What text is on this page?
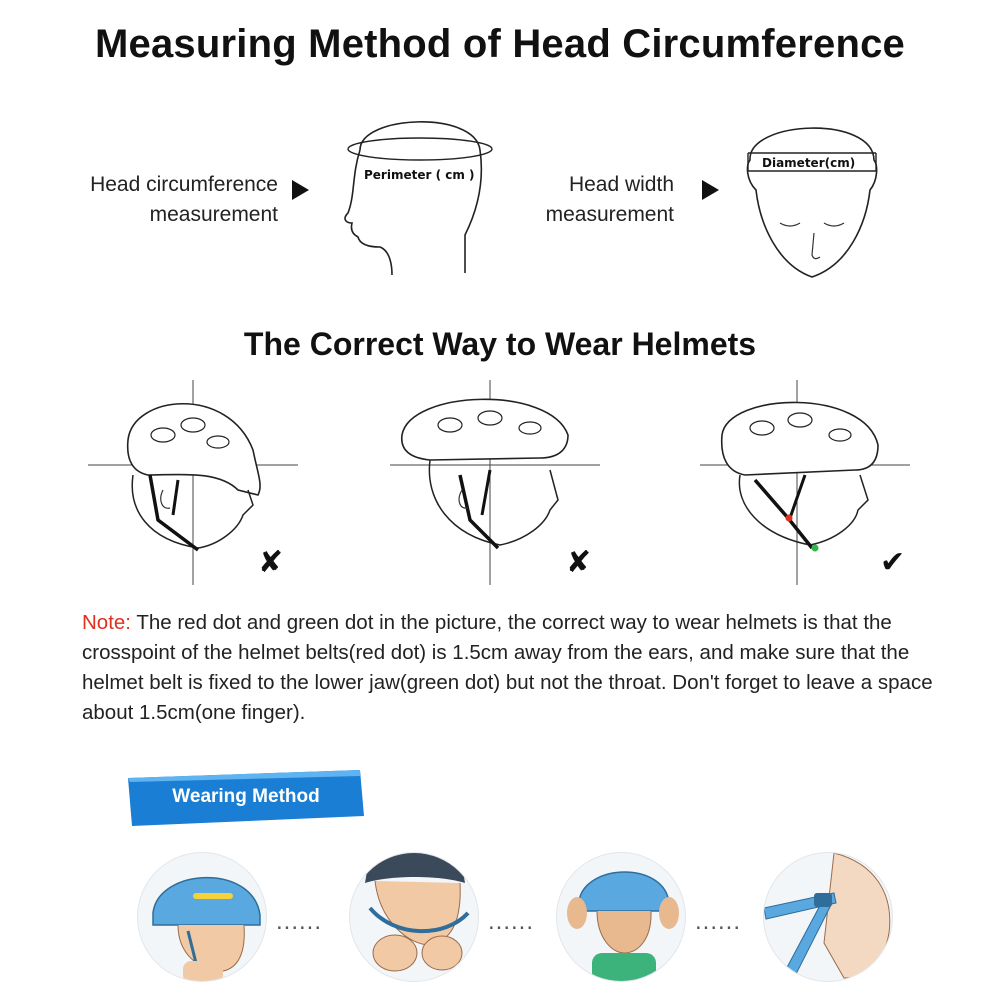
Measuring Method of Head Circumference
Head circumference
measurement
Perimeter ( cm )	Head width
measurement
Diameter(cm)
The Correct Way to Wear Helmets
✘	✘	✔
Note: The red dot and green dot in the picture, the correct way to wear helmets is that the crosspoint of the helmet belts(red dot) is 1.5cm away from the ears, and make sure that the helmet belt is fixed to the lower jaw(green dot) but not the throat. Don't forget to leave a space about 1.5cm(one finger).
Wearing Method
......	......	......
